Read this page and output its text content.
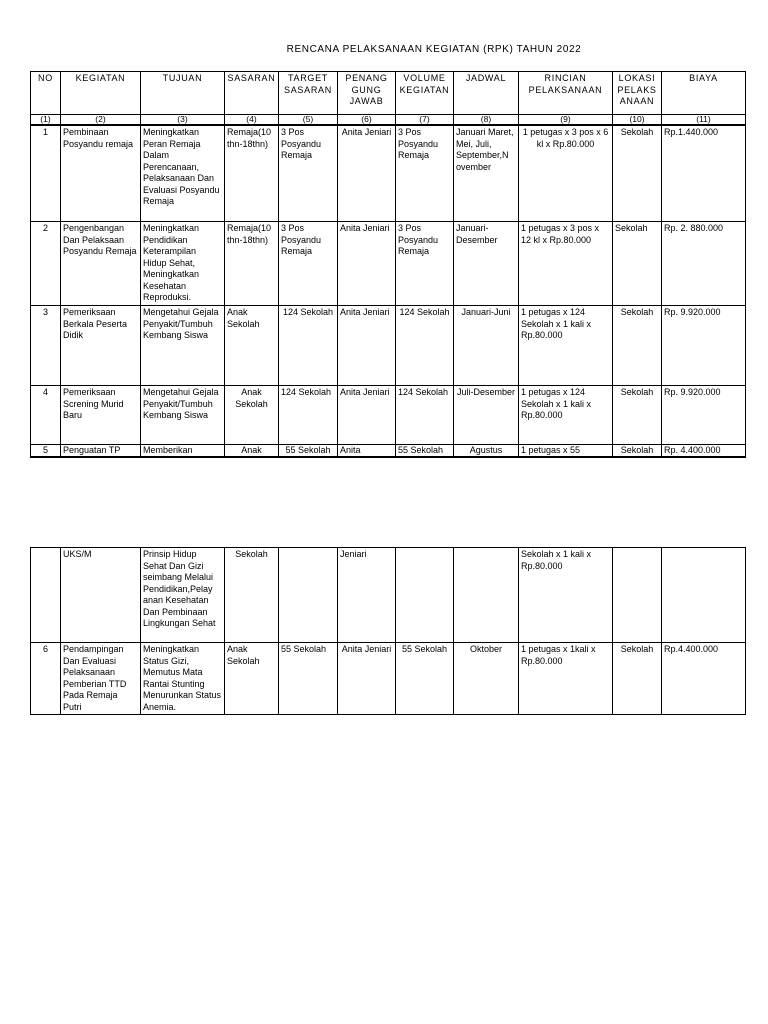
RENCANA PELAKSANAAN KEGIATAN (RPK) TAHUN 2022
NO	KEGIATAN	TUJUAN	SASARAN	TARGET SASARAN	PENANG GUNG JAWAB	VOLUME KEGIATAN	JADWAL	RINCIAN PELAKSANAAN	LOKASI PELAKS ANAAN	BIAYA
(1)	(2)	(3)	(4)	(5)	(6)	(7)	(8)	(9)	(10)	(11)
1	Pembinaan Posyandu remaja	Meningkatkan Peran Remaja Dalam Perencanaan, Pelaksanaan Dan Evaluasi Posyandu Remaja	Remaja(10 thn-18thn)	3 Pos Posyandu Remaja	Anita Jeniari	3 Pos Posyandu Remaja	Januari Maret, Mei, Juli, September,N ovember	1 petugas x 3 pos x 6 kl x Rp.80.000	Sekolah	Rp.1.440.000
2	Pengenbangan Dan Pelaksaan Posyandu Remaja	Meningkatkan Pendidikan Keterampilan Hidup Sehat, Meningkatkan Kesehatan Reproduksi.	Remaja(10 thn-18thn)	3 Pos Posyandu Remaja	Anita Jeniari	3 Pos Posyandu Remaja	Januari-Desember	1 petugas x 3 pos x 12 kl x Rp.80.000	Sekolah	Rp. 2. 880.000
3	Pemeriksaan Berkala Peserta Didik	Mengetahui Gejala Penyakit/Tumbuh Kembang Siswa	Anak Sekolah	124 Sekolah	Anita Jeniari	124 Sekolah	Januari-Juni	1 petugas x 124 Sekolah x 1 kali x Rp.80.000	Sekolah	Rp. 9.920.000
4	Pemeriksaan Screning Murid Baru	Mengetahui Gejala Penyakit/Tumbuh Kembang Siswa	Anak Sekolah	124 Sekolah	Anita Jeniari	124 Sekolah	Juli-Desember	1 petugas x 124 Sekolah x 1 kali x Rp.80.000	Sekolah	Rp. 9.920.000
5	Penguatan TP	Memberikan	Anak	55 Sekolah	Anita	55 Sekolah	Agustus	1 petugas x 55	Sekolah	Rp. 4.400.000
	UKS/M	Prinsip Hidup Sehat Dan Gizi seimbang Melalui Pendidikan,Pelay anan Kesehatan Dan Pembinaan Lingkungan Sehat	Sekolah		Jeniari			Sekolah x 1 kali x Rp.80.000		
6	Pendampingan Dan Evaluasi Pelaksanaan Pemberian TTD Pada Remaja Putri	Meningkatkan Status Gizi, Memutus Mata Rantai Stunting Menurunkan Status Anemia.	Anak Sekolah	55 Sekolah	Anita Jeniari	55 Sekolah	Oktober	1 petugas x 1kali x Rp.80.000	Sekolah	Rp.4.400.000
